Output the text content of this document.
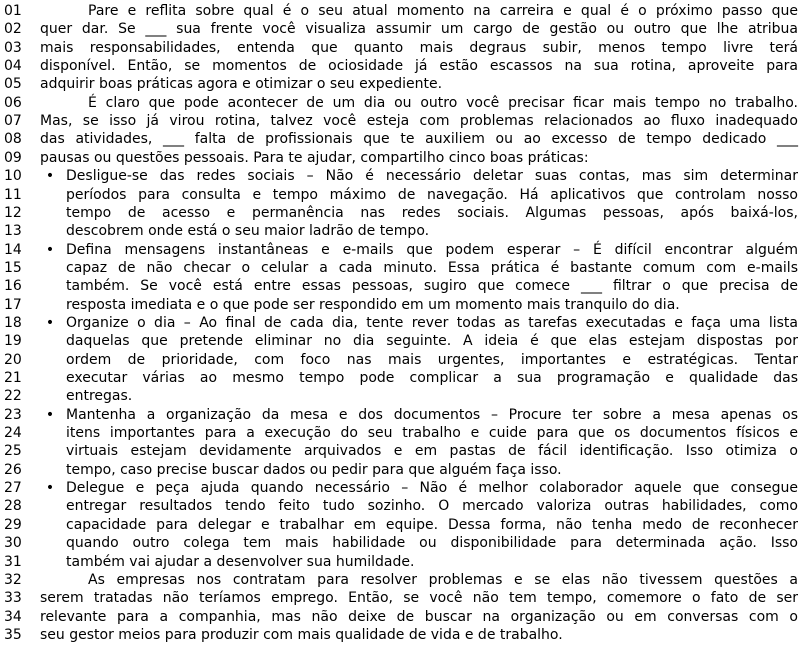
01	Pare e reflita sobre qual é o seu atual momento na carreira e qual é o próximo passo que
02	quer dar. Se ___ sua frente você visualiza assumir um cargo de gestão ou outro que lhe atribua
03	mais responsabilidades, entenda que quanto mais degraus subir, menos tempo livre terá
04	disponível. Então, se momentos de ociosidade já estão escassos na sua rotina, aproveite para
05	adquirir boas práticas agora e otimizar o seu expediente.
06	É claro que pode acontecer de um dia ou outro você precisar ficar mais tempo no trabalho.
07	Mas, se isso já virou rotina, talvez você esteja com problemas relacionados ao fluxo inadequado
08	das atividades, ___ falta de profissionais que te auxiliem ou ao excesso de tempo dedicado ___
09	pausas ou questões pessoais. Para te ajudar, compartilho cinco boas práticas:
10	• Desligue-se das redes sociais – Não é necessário deletar suas contas, mas sim determinar
11	períodos para consulta e tempo máximo de navegação. Há aplicativos que controlam nosso
12	tempo de acesso e permanência nas redes sociais. Algumas pessoas, após baixá-los,
13	descobrem onde está o seu maior ladrão de tempo.
14	• Defina mensagens instantâneas e e-mails que podem esperar – É difícil encontrar alguém
15	capaz de não checar o celular a cada minuto. Essa prática é bastante comum com e-mails
16	também. Se você está entre essas pessoas, sugiro que comece ___ filtrar o que precisa de
17	resposta imediata e o que pode ser respondido em um momento mais tranquilo do dia.
18	• Organize o dia – Ao final de cada dia, tente rever todas as tarefas executadas e faça uma lista
19	daquelas que pretende eliminar no dia seguinte. A ideia é que elas estejam dispostas por
20	ordem de prioridade, com foco nas mais urgentes, importantes e estratégicas. Tentar
21	executar várias ao mesmo tempo pode complicar a sua programação e qualidade das
22	entregas.
23	• Mantenha a organização da mesa e dos documentos – Procure ter sobre a mesa apenas os
24	itens importantes para a execução do seu trabalho e cuide para que os documentos físicos e
25	virtuais estejam devidamente arquivados e em pastas de fácil identificação. Isso otimiza o
26	tempo, caso precise buscar dados ou pedir para que alguém faça isso.
27	• Delegue e peça ajuda quando necessário – Não é melhor colaborador aquele que consegue
28	entregar resultados tendo feito tudo sozinho. O mercado valoriza outras habilidades, como
29	capacidade para delegar e trabalhar em equipe. Dessa forma, não tenha medo de reconhecer
30	quando outro colega tem mais habilidade ou disponibilidade para determinada ação. Isso
31	também vai ajudar a desenvolver sua humildade.
32	As empresas nos contratam para resolver problemas e se elas não tivessem questões a
33	serem tratadas não teríamos emprego. Então, se você não tem tempo, comemore o fato de ser
34	relevante para a companhia, mas não deixe de buscar na organização ou em conversas com o
35	seu gestor meios para produzir com mais qualidade de vida e de trabalho.
